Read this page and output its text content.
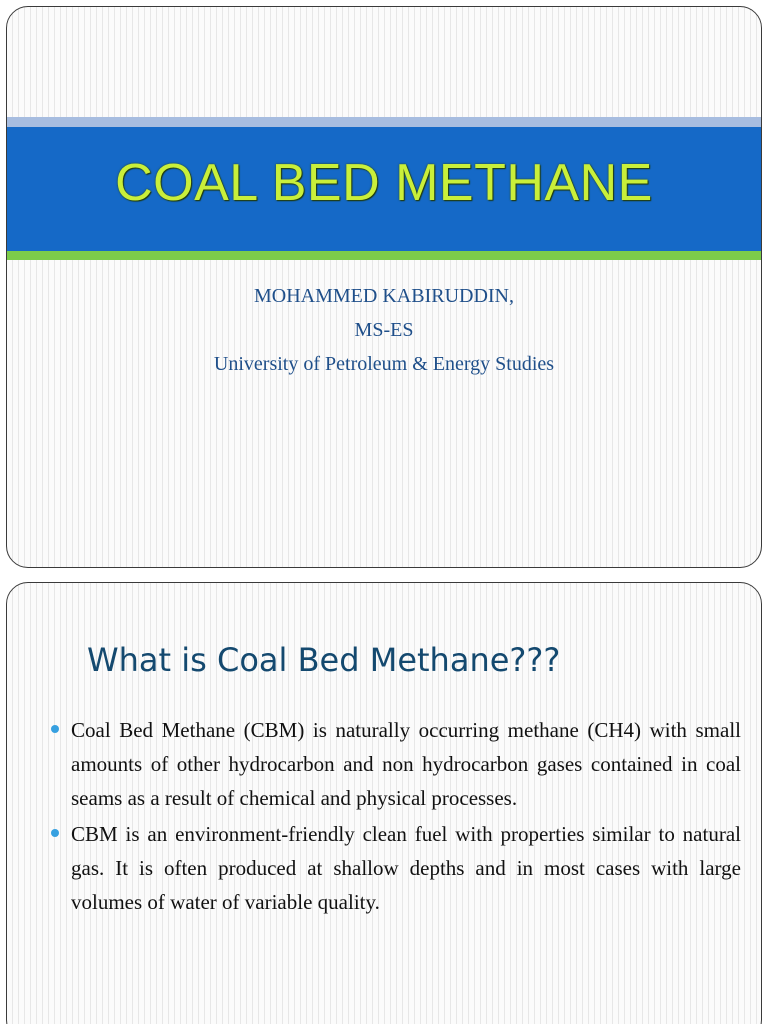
COAL BED METHANE
MOHAMMED KABIRUDDIN,
MS-ES
University of Petroleum & Energy Studies
What is Coal Bed Methane???
Coal Bed Methane (CBM) is naturally occurring methane (CH4) with small amounts of other hydrocarbon and non hydrocarbon gases contained in coal seams as a result of chemical and physical processes.
CBM is an environment-friendly clean fuel with properties similar to natural gas. It is often produced at shallow depths and in most cases with large volumes of water of variable quality.
